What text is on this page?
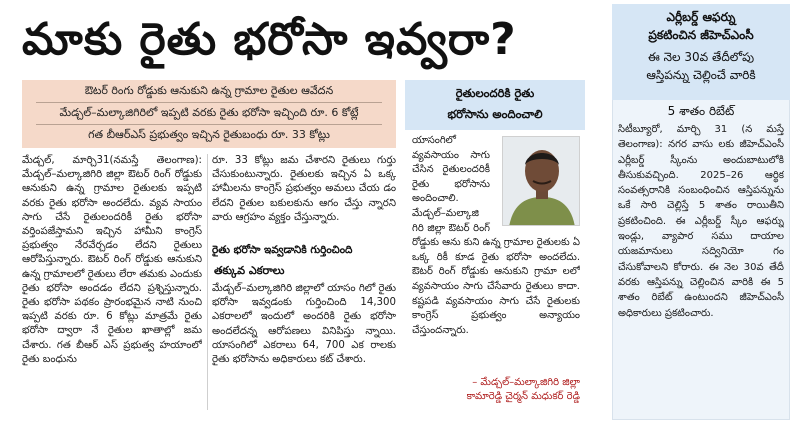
మాకు రైతు భరోసా ఇవ్వరా?
ఔటర్ రింగు రోడ్డుకు ఆనుకుని ఉన్న గ్రామాల రైతుల ఆవేదన
మేడ్చల్–మల్కాజిగిరిలో ఇప్పటి వరకు రైతు భరోసా ఇచ్చింది రూ. 6 కోట్లే
గత బీఆర్ఎస్ ప్రభుత్వం ఇచ్చిన రైతుబంధు రూ. 33 కోట్లు
మేడ్చల్, మార్చి31(నమస్తే తెలంగాణ): మేడ్చల్–మల్కాజిగిరి జిల్లా ఔటర్ రింగ్ రోడ్డుకు ఆనుకుని ఉన్న గ్రామాల రైతులకు ఇప్పటి వరకు రైతు భరోసా అందలేదు. వ్యవ సాయం సాగు చేసే రైతులందరికీ రైతు భరోసా వర్తింపజేస్తామని ఇచ్చిన హామీని కాంగ్రెస్ ప్రభుత్వం నేరవేర్చడం లేదని రైతులు ఆరోపిస్తున్నారు. ఔటర్ రింగ్ రోడ్డుకు ఆనుకుని ఉన్న గ్రామాలలో రైతులు లేరా తమకు ఎందుకు రైతు భరోసా అందడం లేదని ప్రశ్నిస్తున్నారు. రైతు భరోసా పథకం ప్రారంభమైన నాటి నుంచి ఇప్పటి వరకు రూ. 6 కోట్లు మాత్రమే రైతు భరోసా ద్వారా నే రైతుల ఖాతాల్లో జమ చేశారు. గత బీఆర్ ఎస్ ప్రభుత్వ హయాంలో రైతు బంధును
రూ. 33 కోట్లు జమ చేశారని రైతులు గుర్తు చేసుకుంటున్నారు. రైతులకు ఇచ్చిన ఏ ఒక్క హామీలను కాంగ్రెస్ ప్రభుత్వం అమలు చేయ డం లేదని రైతుల బకులకును ఆగం చేస్తు న్నారని వారు ఆగ్రహం వ్యక్తం చేస్తున్నారు.
రైతు భరోసా ఇవ్వడానికి గుర్తించింది
తక్కువ ఎకరాలు
మేడ్చల్–మల్కాజిగిరి జిల్లాలో యాసం గిలో రైతు భరోసా ఇవ్వడంకు గుర్తించింది 14,300 ఎకరాలలో ఇందులో అందరికి రైతు భరోసా అందలేదన్న ఆరోపణలు వినిపిస్తు న్నాయి. యాసంగిలో ఎకరాలు 64, 700 ఎక రాలకు రైతు భరోసాను అధికారులు కట్ చేశారు.
రైతులందరికి రైతు
భరోసాను అందించాలి
యాసంగిలో వ్యవసాయం సాగు చేసిన రైతులందరికీ రైతు భరోసాను అందించాలి. మేడ్చల్–మల్కాజి గిరి జిల్లా ఔటర్ రింగ్ రోడ్డుకు ఆను కుని ఉన్న గ్రామాల రైతులకు ఏ ఒక్క రికీ కూడ రైతు భరోసా అందలేదు. ఔటర్ రింగ్ రోడ్డుకు ఆనుకుని గ్రామా లలో వ్యవసాయం సాగు చేసేవారు రైతులు కాదా. కష్టపడి వ్యవసాయం సాగు చేసే రైతులకు కాంగ్రెస్ ప్రభుత్వం అన్యాయం చేస్తుందన్నారు.
– మేడ్చల్–మల్కాజిగిరి జిల్లా
కామారెడ్డి చైర్మన్ మధుకర్ రెడ్డి
ఎర్లీబర్డ్ ఆఫర్ను
ప్రకటించిన జీహెచ్ఎంసీ
ఈ నెల 30వ తేదీలోపు
ఆస్తిపన్ను చెల్లించే వారికి
5 శాతం రిబేట్
సిటీబ్యూరో, మార్చి 31 (న మస్తే తెలంగాణ): నగర వాసు లకు జీహెచ్ఎంసీ ఎర్లీబర్డ్ స్కీంను అందుబాటులోకి తీసుకువచ్చింది. 2025–26 ఆర్థిక సంవత్సరానికి సంబంధించిన ఆస్తిపన్నును ఒకే సారి చెల్లిస్తే 5 శాతం రాయితీని ప్రకటించింది. ఈ ఎర్లీబర్డ్ స్కీం ఆఫర్ను ఇండ్లు, వ్యాపార సము దాయాల యజమానులు సద్వినియో గం చేసుకోవాలని కోరారు. ఈ నెల 30వ తేదీ వరకు ఆస్తిపన్ను చెల్లించిన వారికి ఈ 5 శాతం రిబేట్ ఉంటుందని జీహెచ్ఎంసీ అధికారులు ప్రకటించారు.
